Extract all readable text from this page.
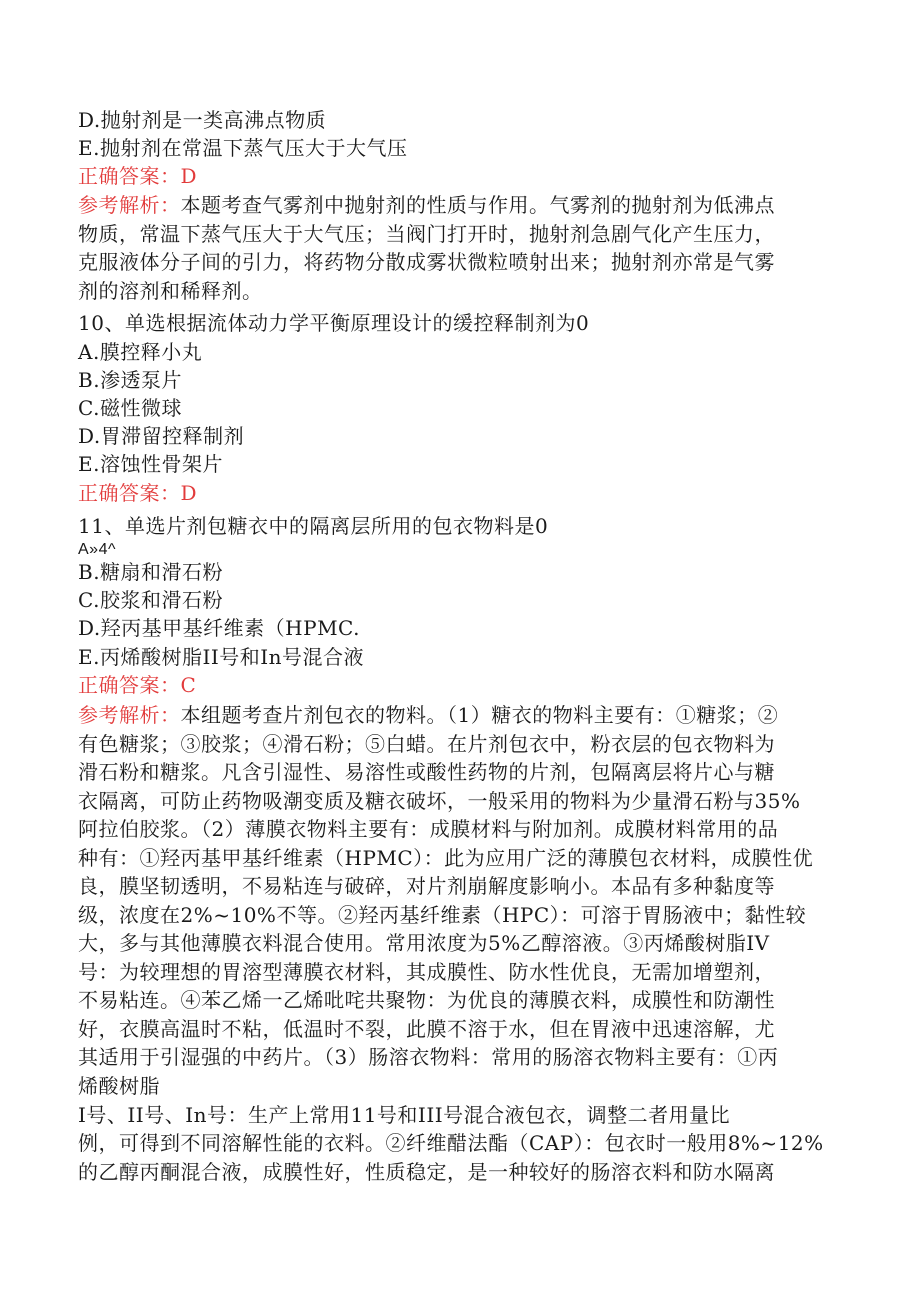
D.抛射剂是一类高沸点物质
E.抛射剂在常温下蒸气压大于大气压
正确答案：D
参考解析：本题考查气雾剂中抛射剂的性质与作用。气雾剂的抛射剂为低沸点
物质，常温下蒸气压大于大气压；当阀门打开时，抛射剂急剧气化产生压力，
克服液体分子间的引力，将药物分散成雾状微粒喷射出来；抛射剂亦常是气雾
剂的溶剂和稀释剂。
10、单选根据流体动力学平衡原理设计的缓控释制剂为0
A.膜控释小丸
B.渗透泵片
C.磁性微球
D.胃滞留控释制剂
E.溶蚀性骨架片
正确答案：D
11、单选片剂包糖衣中的隔离层所用的包衣物料是0
A»4^
B.糖扇和滑石粉
C.胶浆和滑石粉
D.羟丙基甲基纤维素（HPMC.
E.丙烯酸树脂II号和In号混合液
正确答案：C
参考解析：本组题考查片剂包衣的物料。（1）糖衣的物料主要有：①糖浆；②
有色糖浆；③胶浆；④滑石粉；⑤白蜡。在片剂包衣中，粉衣层的包衣物料为
滑石粉和糖浆。凡含引湿性、易溶性或酸性药物的片剂，包隔离层将片心与糖
衣隔离，可防止药物吸潮变质及糖衣破坏，一般采用的物料为少量滑石粉与35%
阿拉伯胶浆。（2）薄膜衣物料主要有：成膜材料与附加剂。成膜材料常用的品
种有：①羟丙基甲基纤维素（HPMC）：此为应用广泛的薄膜包衣材料，成膜性优
良，膜坚韧透明，不易粘连与破碎，对片剂崩解度影响小。本品有多种黏度等
级，浓度在2%~10%不等。②羟丙基纤维素（HPC）：可溶于胃肠液中；黏性较
大，多与其他薄膜衣料混合使用。常用浓度为5%乙醇溶液。③丙烯酸树脂IV
号：为较理想的胃溶型薄膜衣材料，其成膜性、防水性优良，无需加增塑剂，
不易粘连。④苯乙烯一乙烯吡咤共聚物：为优良的薄膜衣料，成膜性和防潮性
好，衣膜高温时不粘，低温时不裂，此膜不溶于水，但在胃液中迅速溶解，尤
其适用于引湿强的中药片。（3）肠溶衣物料：常用的肠溶衣物料主要有：①丙
烯酸树脂
I号、II号、In号：生产上常用11号和III号混合液包衣，调整二者用量比
例，可得到不同溶解性能的衣料。②纤维醋法酯（CAP）：包衣时一般用8%~12%
的乙醇丙酮混合液，成膜性好，性质稳定，是一种较好的肠溶衣料和防水隔离
